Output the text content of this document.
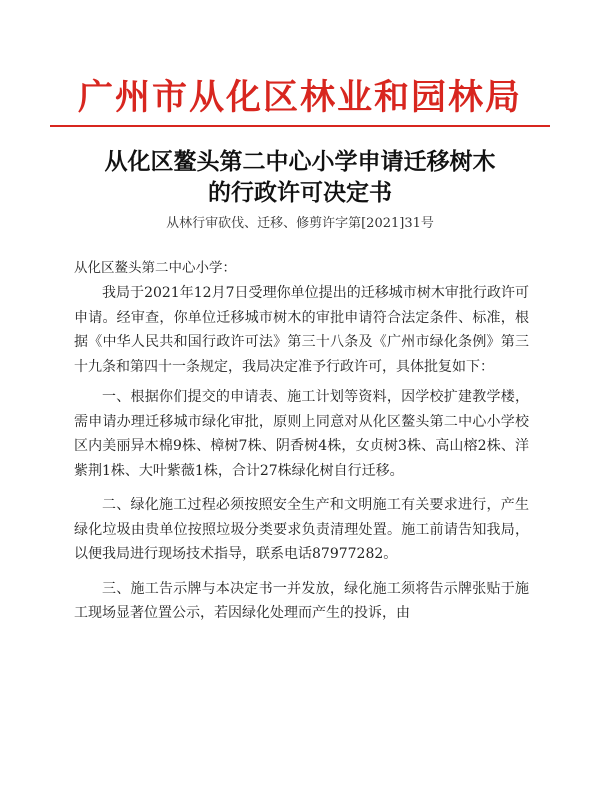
广州市从化区林业和园林局
从化区鳌头第二中心小学申请迁移树木
的行政许可决定书
从林行审砍伐、迁移、修剪许字第[2021]31号
从化区鳌头第二中心小学：

我局于2021年12月7日受理你单位提出的迁移城市树木审批行政许可申请。经审查，你单位迁移城市树木的审批申请符合法定条件、标准，根据《中华人民共和国行政许可法》第三十八条及《广州市绿化条例》第三十九条和第四十一条规定，我局决定准予行政许可，具体批复如下：

一、根据你们提交的申请表、施工计划等资料，因学校扩建教学楼，需申请办理迁移城市绿化审批，原则上同意对从化区鳌头第二中心小学校区内美丽异木棉9株、樟树7株、阴香树4株，女贞树3株、高山榕2株、洋紫荆1株、大叶紫薇1株，合计27株绿化树自行迁移。

二、绿化施工过程必须按照安全生产和文明施工有关要求进行，产生绿化垃圾由贵单位按照垃圾分类要求负责清理处置。施工前请告知我局，以便我局进行现场技术指导，联系电话87977282。

三、施工告示牌与本决定书一并发放，绿化施工须将告示牌张贴于施工现场显著位置公示，若因绿化处理而产生的投诉，由
